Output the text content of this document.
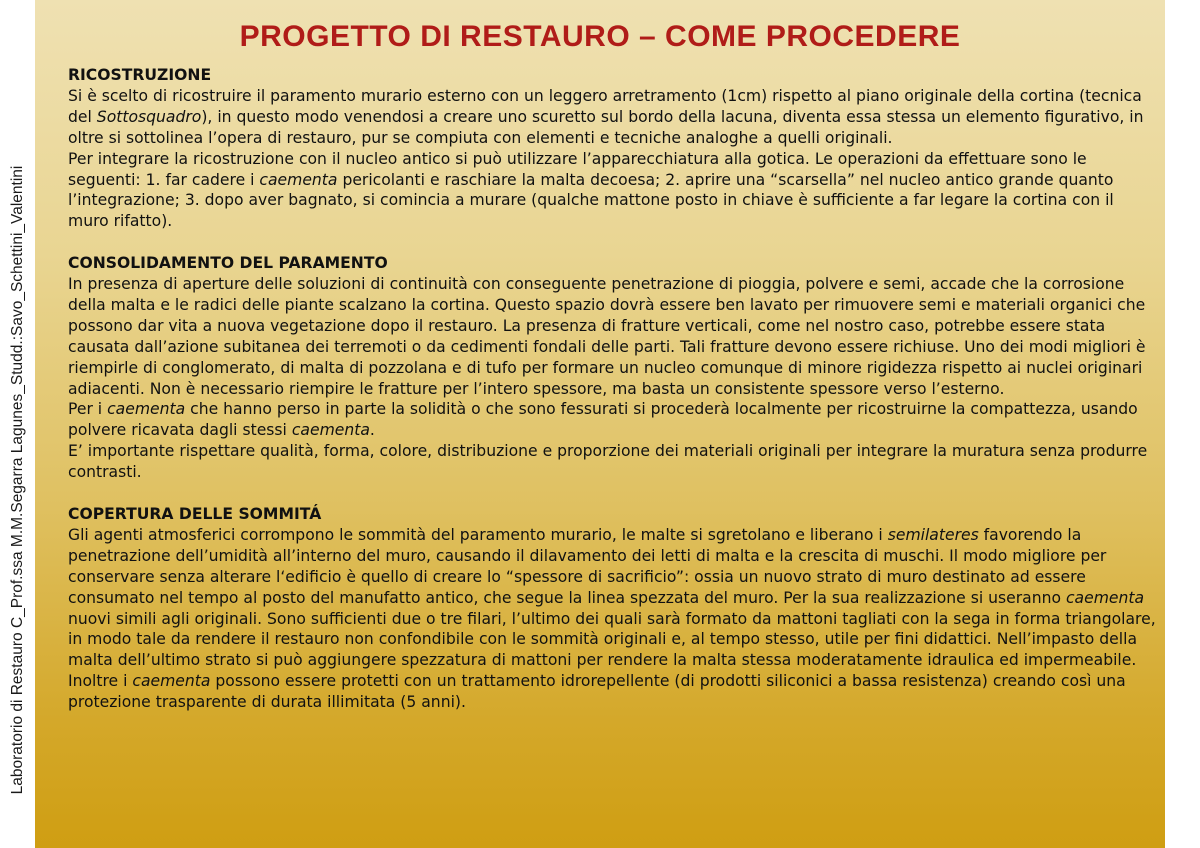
Laboratorio di Restauro C_Prof.ssa M.M.Segarra Lagunes_Studd.:Savo_Schettini_Valentini
PROGETTO DI RESTAURO – COME PROCEDERE
RICOSTRUZIONE

Si è scelto di ricostruire il paramento murario esterno con un leggero arretramento (1cm) rispetto al piano originale della cortina (tecnica del Sottosquadro), in questo modo venendosi a creare uno scuretto sul bordo della lacuna, diventa essa stessa un elemento figurativo, in oltre si sottolinea l’opera di restauro, pur se compiuta con elementi e tecniche analoghe a quelli originali.

Per integrare la ricostruzione con il nucleo antico si può utilizzare l’apparecchiatura alla gotica. Le operazioni da effettuare sono le seguenti: 1. far cadere i caementa pericolanti e raschiare la malta decoesa; 2. aprire una “scarsella” nel nucleo antico grande quanto l’integrazione; 3. dopo aver bagnato, si comincia a murare (qualche mattone posto in chiave è sufficiente a far legare la cortina con il muro rifatto).

CONSOLIDAMENTO DEL PARAMENTO

In presenza di aperture delle soluzioni di continuità con conseguente penetrazione di pioggia, polvere e semi, accade che la corrosione della malta e le radici delle piante scalzano la cortina. Questo spazio dovrà essere ben lavato per rimuovere semi e materiali organici che possono dar vita a nuova vegetazione dopo il restauro. La presenza di fratture verticali, come nel nostro caso, potrebbe essere stata causata dall’azione subitanea dei terremoti o da cedimenti fondali delle parti. Tali fratture devono essere richiuse. Uno dei modi migliori è riempirle di conglomerato, di malta di pozzolana e di tufo per formare un nucleo comunque di minore rigidezza rispetto ai nuclei originari adiacenti. Non è necessario riempire le fratture per l’intero spessore, ma basta un consistente spessore verso l’esterno.

Per i caementa che hanno perso in parte la solidità o che sono fessurati si procederà localmente per ricostruirne la compattezza, usando polvere ricavata dagli stessi caementa.

E’ importante rispettare qualità, forma, colore, distribuzione e proporzione dei materiali originali per integrare la muratura senza produrre contrasti.

COPERTURA DELLE SOMMITÁ

Gli agenti atmosferici corrompono le sommità del paramento murario, le malte si sgretolano e liberano i semilateres favorendo la penetrazione dell’umidità all’interno del muro, causando il dilavamento dei letti di malta e la crescita di muschi. Il modo migliore per conservare senza alterare l‘edificio è quello di creare lo “spessore di sacrificio”: ossia un nuovo strato di muro destinato ad essere consumato nel tempo al posto del manufatto antico, che segue la linea spezzata del muro. Per la sua realizzazione si useranno caementa nuovi simili agli originali. Sono sufficienti due o tre filari, l’ultimo dei quali sarà formato da mattoni tagliati con la sega in forma triangolare, in modo tale da rendere il restauro non confondibile con le sommità originali e, al tempo stesso, utile per fini didattici. Nell’impasto della malta dell’ultimo strato si può aggiungere spezzatura di mattoni per rendere la malta stessa moderatamente idraulica ed impermeabile. Inoltre i caementa possono essere protetti con un trattamento idrorepellente (di prodotti siliconici a bassa resistenza) creando così una protezione trasparente di durata illimitata (5 anni).
